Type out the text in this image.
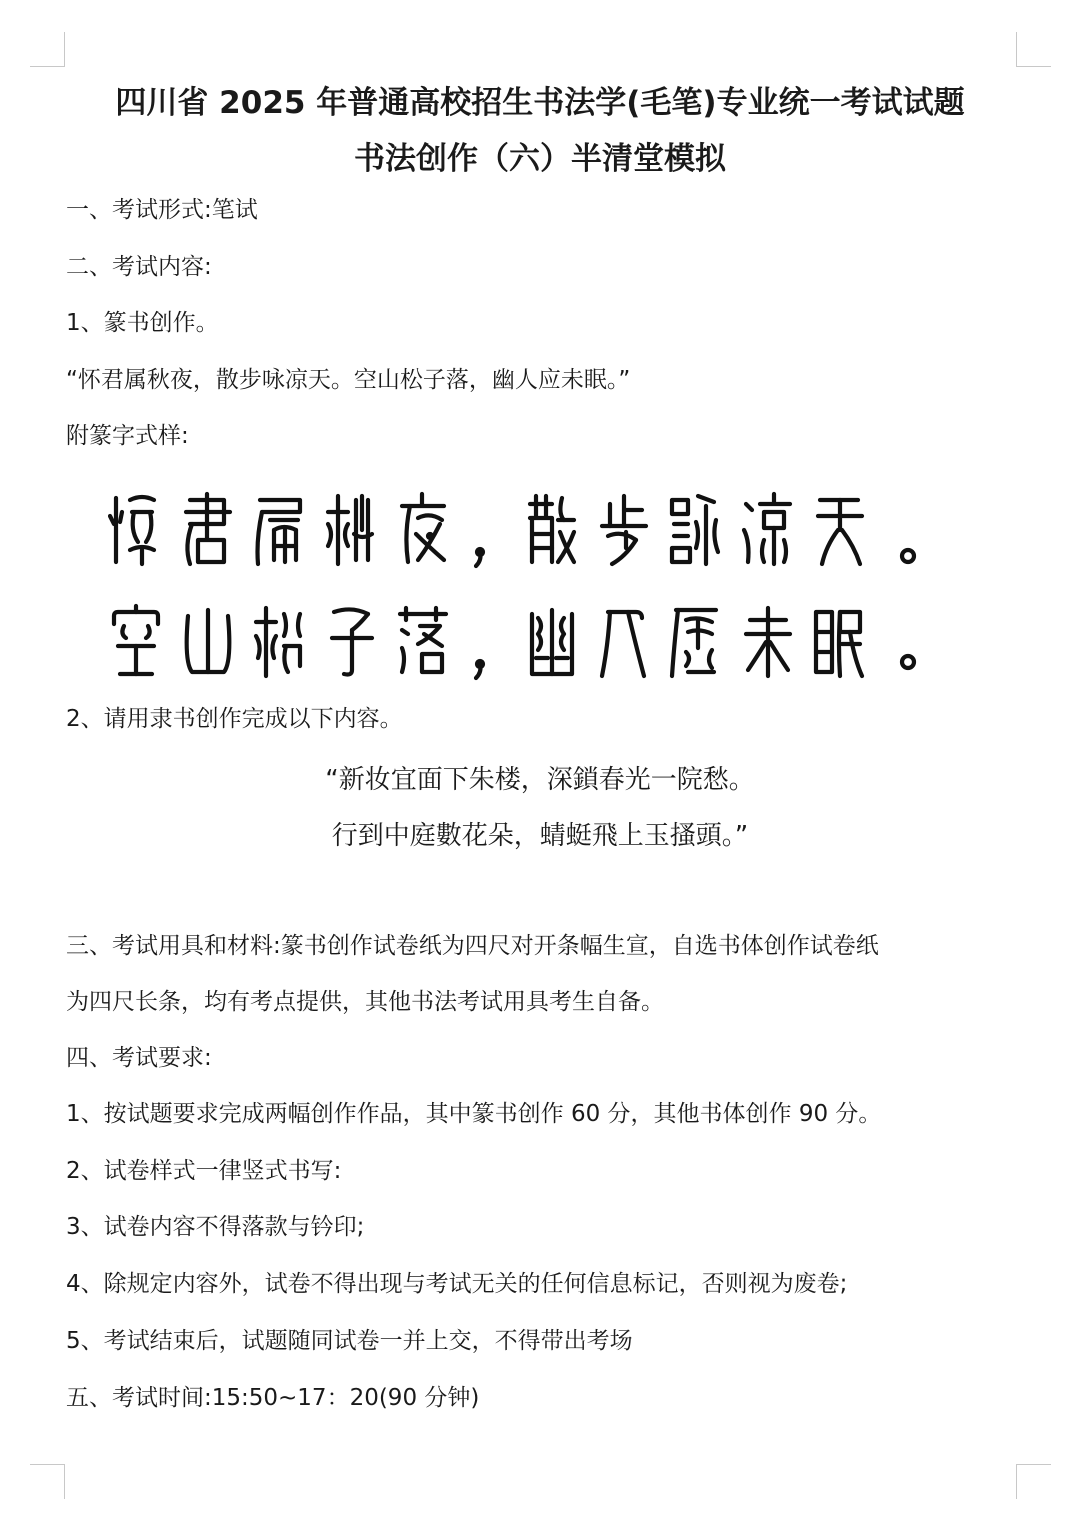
四川省 2025 年普通高校招生书法学(毛笔)专业统一考试试题
书法创作（六）半清堂模拟
一、考试形式:笔试
二、考试内容:
1、篆书创作。
“怀君属秋夜，散步咏凉天。空山松子落，幽人应未眠。”
附篆字式样:
2、请用隶书创作完成以下内容。
“新妆宜面下朱楼，深鎖春光一院愁。
行到中庭數花朵，蜻蜓飛上玉搔頭。”
三、考试用具和材料:篆书创作试卷纸为四尺对开条幅生宣，自选书体创作试卷纸
为四尺长条，均有考点提供，其他书法考试用具考生自备。
四、考试要求:
1、按试题要求完成两幅创作作品，其中篆书创作 60 分，其他书体创作 90 分。
2、试卷样式一律竖式书写:
3、试卷内容不得落款与钤印;
4、除规定内容外，试卷不得出现与考试无关的任何信息标记，否则视为废卷;
5、考试结束后，试题随同试卷一并上交，不得带出考场
五、考试时间:15:50~17：20(90 分钟)
